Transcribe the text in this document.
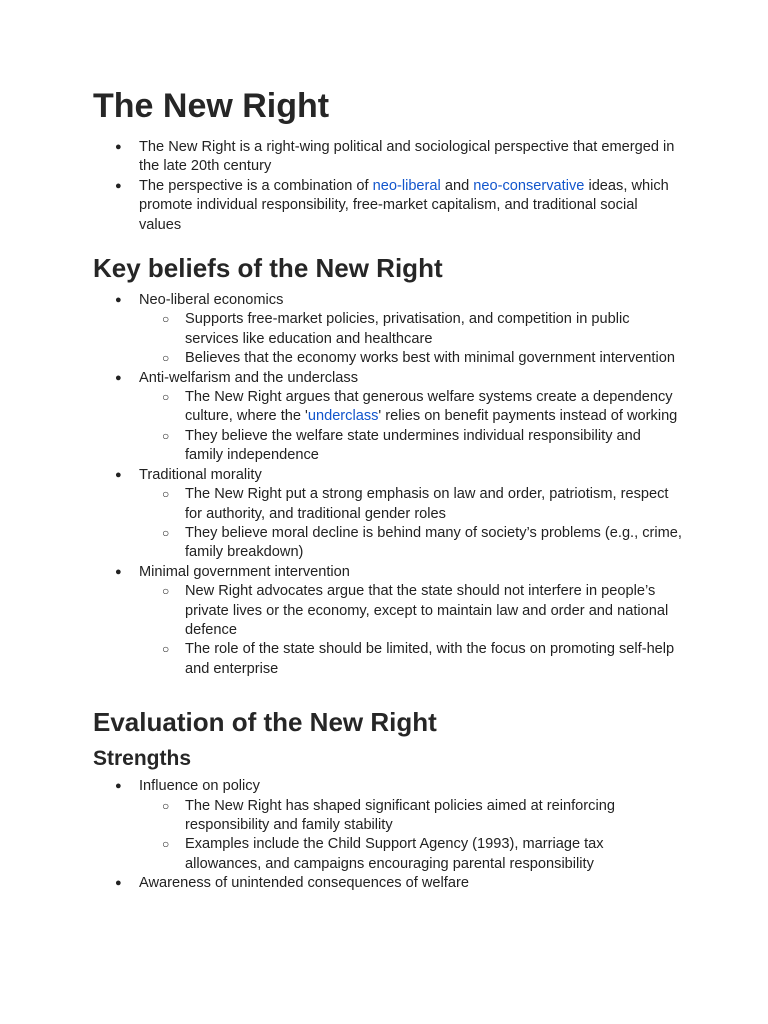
The New Right
● The New Right is a right-wing political and sociological perspective that emerged in the late 20th century
● The perspective is a combination of neo-liberal and neo-conservative ideas, which promote individual responsibility, free-market capitalism, and traditional social values
Key beliefs of the New Right
● Neo-liberal economics
○ Supports free-market policies, privatisation, and competition in public services like education and healthcare
○ Believes that the economy works best with minimal government intervention
● Anti-welfarism and the underclass
○ The New Right argues that generous welfare systems create a dependency culture, where the 'underclass' relies on benefit payments instead of working
○ They believe the welfare state undermines individual responsibility and family independence
● Traditional morality
○ The New Right put a strong emphasis on law and order, patriotism, respect for authority, and traditional gender roles
○ They believe moral decline is behind many of society’s problems (e.g., crime, family breakdown)
● Minimal government intervention
○ New Right advocates argue that the state should not interfere in people’s private lives or the economy, except to maintain law and order and national defence
○ The role of the state should be limited, with the focus on promoting self-help and enterprise
Evaluation of the New Right
Strengths
● Influence on policy
○ The New Right has shaped significant policies aimed at reinforcing responsibility and family stability
○ Examples include the Child Support Agency (1993), marriage tax allowances, and campaigns encouraging parental responsibility
● Awareness of unintended consequences of welfare
